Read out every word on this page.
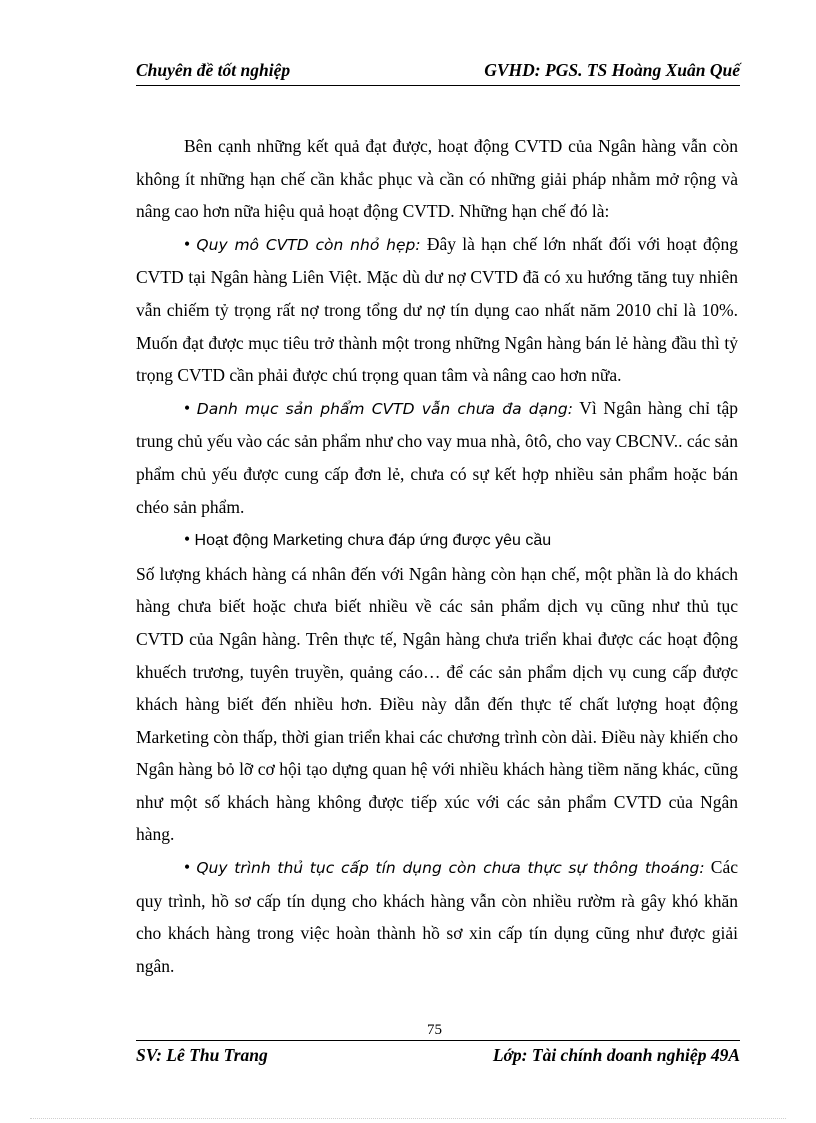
Chuyên đề tốt nghiệp	GVHD: PGS. TS Hoàng Xuân Quế

Bên cạnh những kết quả đạt được, hoạt động CVTD của Ngân hàng vẫn còn không ít những hạn chế cần khắc phục và cần có những giải pháp nhằm mở rộng và nâng cao hơn nữa hiệu quả hoạt động CVTD. Những hạn chế đó là:

• Quy mô CVTD còn nhỏ hẹp: Đây là hạn chế lớn nhất đối với hoạt động CVTD tại Ngân hàng Liên Việt. Mặc dù dư nợ CVTD đã có xu hướng tăng tuy nhiên vẫn chiếm tỷ trọng rất nợ trong tổng dư nợ tín dụng cao nhất năm 2010 chỉ là 10%. Muốn đạt được mục tiêu trở thành một trong những Ngân hàng bán lẻ hàng đầu thì tỷ trọng CVTD cần phải được chú trọng quan tâm và nâng cao hơn nữa.

• Danh mục sản phẩm CVTD vẫn chưa đa dạng: Vì Ngân hàng chỉ tập trung chủ yếu vào các sản phẩm như cho vay mua nhà, ôtô, cho vay CBCNV.. các sản phẩm chủ yếu được cung cấp đơn lẻ, chưa có sự kết hợp nhiều sản phẩm hoặc bán chéo sản phẩm.

• Hoạt động Marketing chưa đáp ứng được yêu cầu

Số lượng khách hàng cá nhân đến với Ngân hàng còn hạn chế, một phần là do khách hàng chưa biết hoặc chưa biết nhiều về các sản phẩm dịch vụ cũng như thủ tục CVTD của Ngân hàng. Trên thực tế, Ngân hàng chưa triển khai được các hoạt động khuếch trương, tuyên truyền, quảng cáo… để các sản phẩm dịch vụ cung cấp được khách hàng biết đến nhiều hơn. Điều này dẫn đến thực tế chất lượng hoạt động Marketing còn thấp, thời gian triển khai các chương trình còn dài. Điều này khiến cho Ngân hàng bỏ lỡ cơ hội tạo dựng quan hệ với nhiều khách hàng tiềm năng khác, cũng như một số khách hàng không được tiếp xúc với các sản phẩm CVTD của Ngân hàng.

• Quy trình thủ tục cấp tín dụng còn chưa thực sự thông thoáng: Các quy trình, hồ sơ cấp tín dụng cho khách hàng vẫn còn nhiều rườm rà gây khó khăn cho khách hàng trong việc hoàn thành hồ sơ xin cấp tín dụng cũng như được giải ngân.

75
SV: Lê Thu Trang	Lớp: Tài chính doanh nghiệp 49A
